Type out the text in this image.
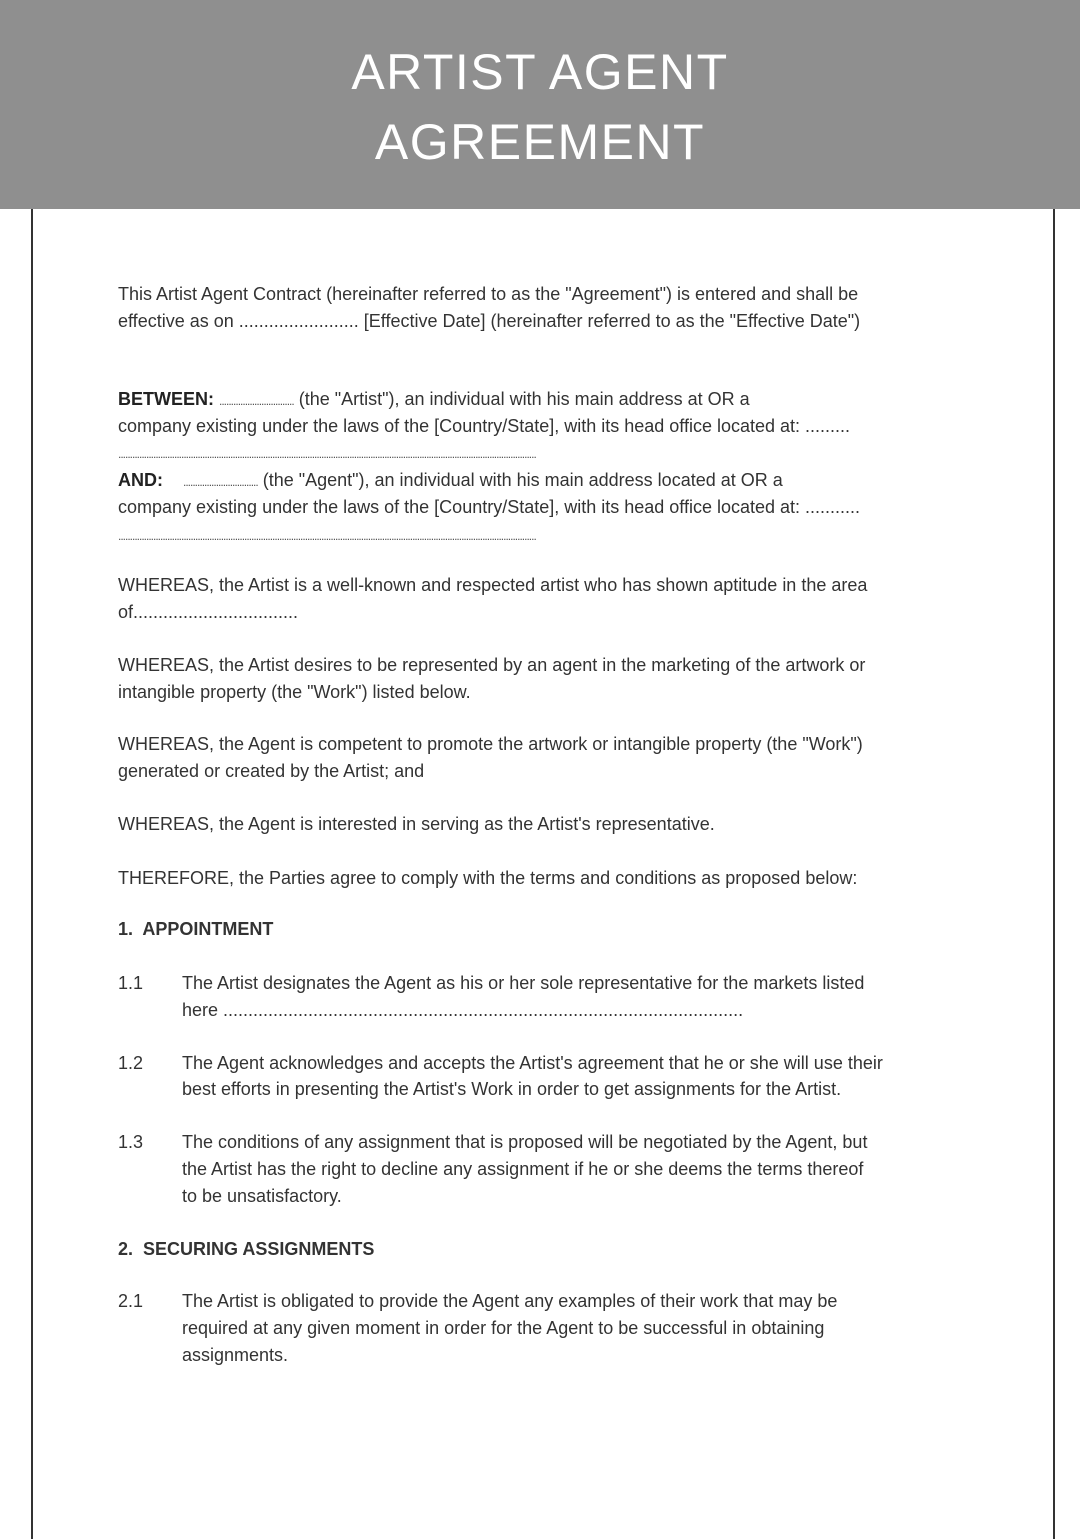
ARTIST AGENT
AGREEMENT
This Artist Agent Contract (hereinafter referred to as the "Agreement") is entered and shall be
effective as on ........................ [Effective Date] (hereinafter referred to as the "Effective Date")
BETWEEN: ................................ (the "Artist"), an individual with his main address at OR a
company existing under the laws of the [Country/State], with its head office located at: .........
...................................................................................................................................................................................
AND: ................................ (the "Agent"), an individual with his main address located at OR a
company existing under the laws of the [Country/State], with its head office located at: ...........
...................................................................................................................................................................................
WHEREAS, the Artist is a well-known and respected artist who has shown aptitude in the area
of.................................
WHEREAS, the Artist desires to be represented by an agent in the marketing of the artwork or
intangible property (the "Work") listed below.
WHEREAS, the Agent is competent to promote the artwork or intangible property (the "Work")
generated or created by the Artist; and
WHEREAS, the Agent is interested in serving as the Artist's representative.
THEREFORE, the Parties agree to comply with the terms and conditions as proposed below:
1.  APPOINTMENT
1.1 The Artist designates the Agent as his or her sole representative for the markets listed
here ........................................................................................................
1.2 The Agent acknowledges and accepts the Artist's agreement that he or she will use their
best efforts in presenting the Artist's Work in order to get assignments for the Artist.
1.3 The conditions of any assignment that is proposed will be negotiated by the Agent, but
the Artist has the right to decline any assignment if he or she deems the terms thereof
to be unsatisfactory.
2.  SECURING ASSIGNMENTS
2.1 The Artist is obligated to provide the Agent any examples of their work that may be
required at any given moment in order for the Agent to be successful in obtaining
assignments.
